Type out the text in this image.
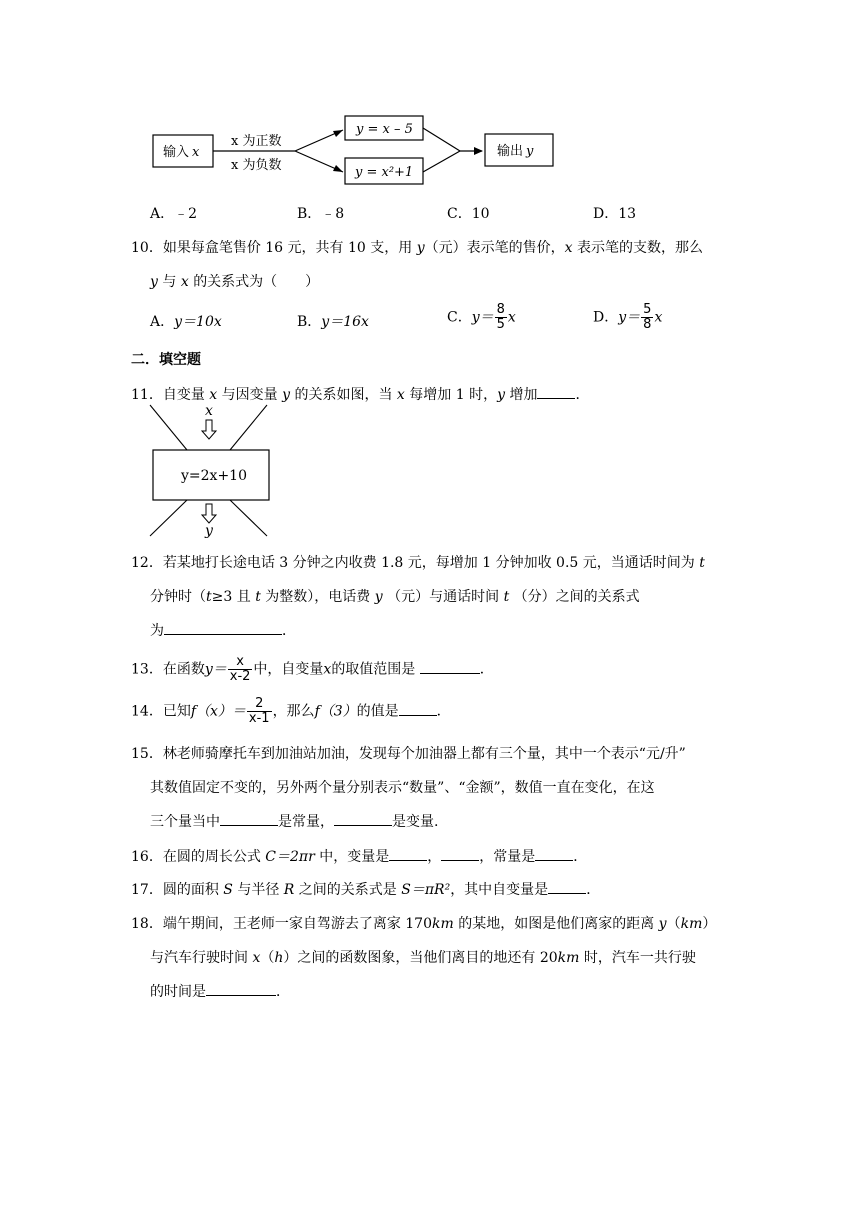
输入 x
x 为正数
x 为负数
y = x – 5
y = x²+1
输出 y
A．﹣2	B．﹣8	C．10	D．13
10．如果每盒笔售价 16 元，共有 10 支，用 y（元）表示笔的售价，x 表示笔的支数，那么
y 与 x 的关系式为（　　）
A．y＝10x	B．y＝16x	C．$y= \frac{8}{5}$ x	D．$y= \frac{5}{8}$ x
二．填空题
11．自变量 x 与因变量 y 的关系如图，当 x 每增加 1 时，y 增加	．
x
y=2x+10
y
12．若某地打长途电话 3 分钟之内收费 1.8 元，每增加 1 分钟加收 0.5 元，当通话时间为 t
分钟时（t≥3 且 t 为整数），电话费 y （元）与通话时间 t （分）之间的关系式
为	．
13．在函数$y= \frac{x}{x-2}$ 中，自变量x的取值范围是	．
14．已知$f(x)= \frac{2}{x-1}$ ，那么f（3）的值是	．
15．林老师骑摩托车到加油站加油，发现每个加油器上都有三个量，其中一个表示“元/升”
其数值固定不变的，另外两个量分别表示“数量”、“金额”，数值一直在变化，在这
三个量当中	是常量，	是变量.
16．在圆的周长公式 C＝2πr 中，变量是	，	，常量是	．
17．圆的面积 S 与半径 R 之间的关系式是 S＝πR²，其中自变量是	．
18．端午期间，王老师一家自驾游去了离家 170km 的某地，如图是他们离家的距离 y（km）
与汽车行驶时间 x（h）之间的函数图象，当他们离目的地还有 20km 时，汽车一共行驶
的时间是	．
